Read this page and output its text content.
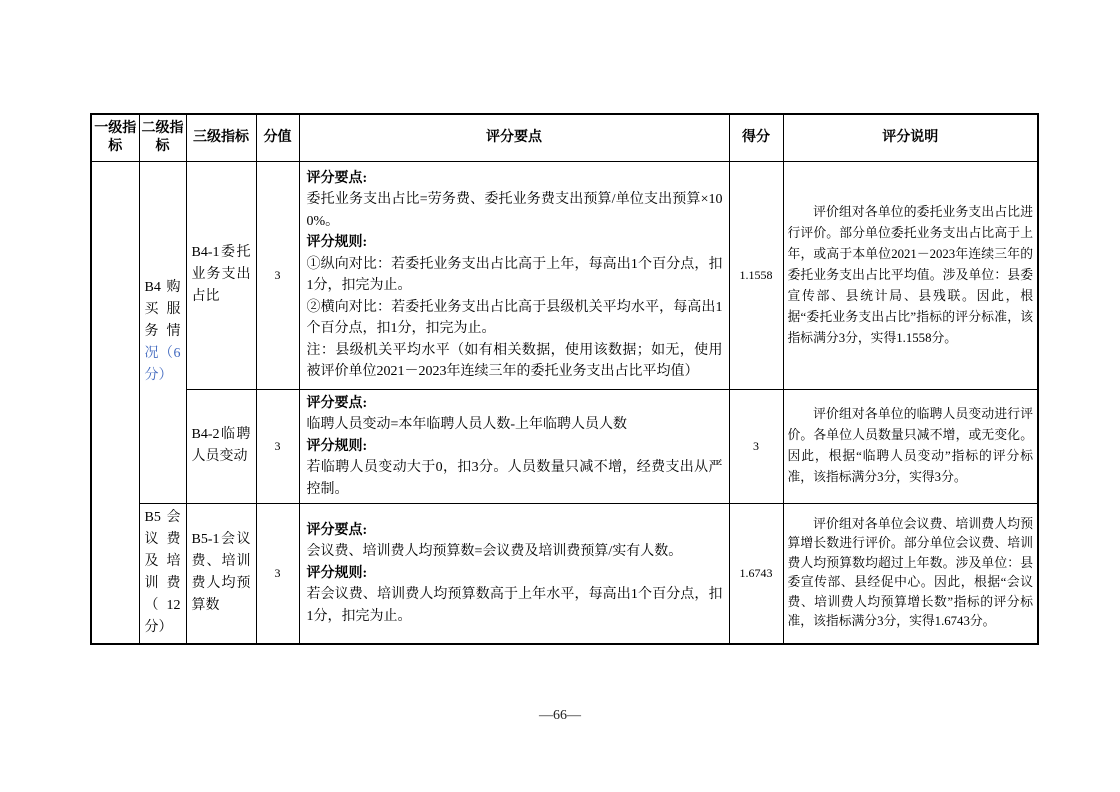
一级指标	二级指标	三级指标	分值	评分要点	得分	评分说明
	B4 购买服务情况（6分）	B4-1委托业务支出占比	3	
评分要点:
委托业务支出占比=劳务费、委托业务费支出预算/单位支出预算×100%。
评分规则:
①纵向对比：若委托业务支出占比高于上年，每高出1个百分点，扣1分，扣完为止。
②横向对比：若委托业务支出占比高于县级机关平均水平，每高出1个百分点，扣1分，扣完为止。
注：县级机关平均水平（如有相关数据，使用该数据；如无，使用被评价单位2021－2023年连续三年的委托业务支出占比平均值）
	1.1558	评价组对各单位的委托业务支出占比进行评价。部分单位委托业务支出占比高于上年，或高于本单位2021－2023年连续三年的委托业务支出占比平均值。涉及单位：县委宣传部、县统计局、县残联。因此，根据“委托业务支出占比”指标的评分标准，该指标满分3分，实得1.1558分。
		B4-2临聘人员变动	3	评分要点:
临聘人员变动=本年临聘人员人数-上年临聘人员人数
评分规则:
若临聘人员变动大于0，扣3分。人员数量只减不增，经费支出从严控制。	3	评价组对各单位的临聘人员变动进行评价。各单位人员数量只减不增，或无变化。因此，根据“临聘人员变动”指标的评分标准，该指标满分3分，实得3分。
	B5会议费及培训费（12分）	B5-1会议费、培训费人均预算数	3	评分要点:
会议费、培训费人均预算数=会议费及培训费预算/实有人数。
评分规则:
若会议费、培训费人均预算数高于上年水平，每高出1个百分点，扣1分，扣完为止。	1.6743	评价组对各单位会议费、培训费人均预算增长数进行评价。部分单位会议费、培训费人均预算数均超过上年数。涉及单位：县委宣传部、县经促中心。因此，根据“会议费、培训费人均预算增长数”指标的评分标准，该指标满分3分，实得1.6743分。
—66—
